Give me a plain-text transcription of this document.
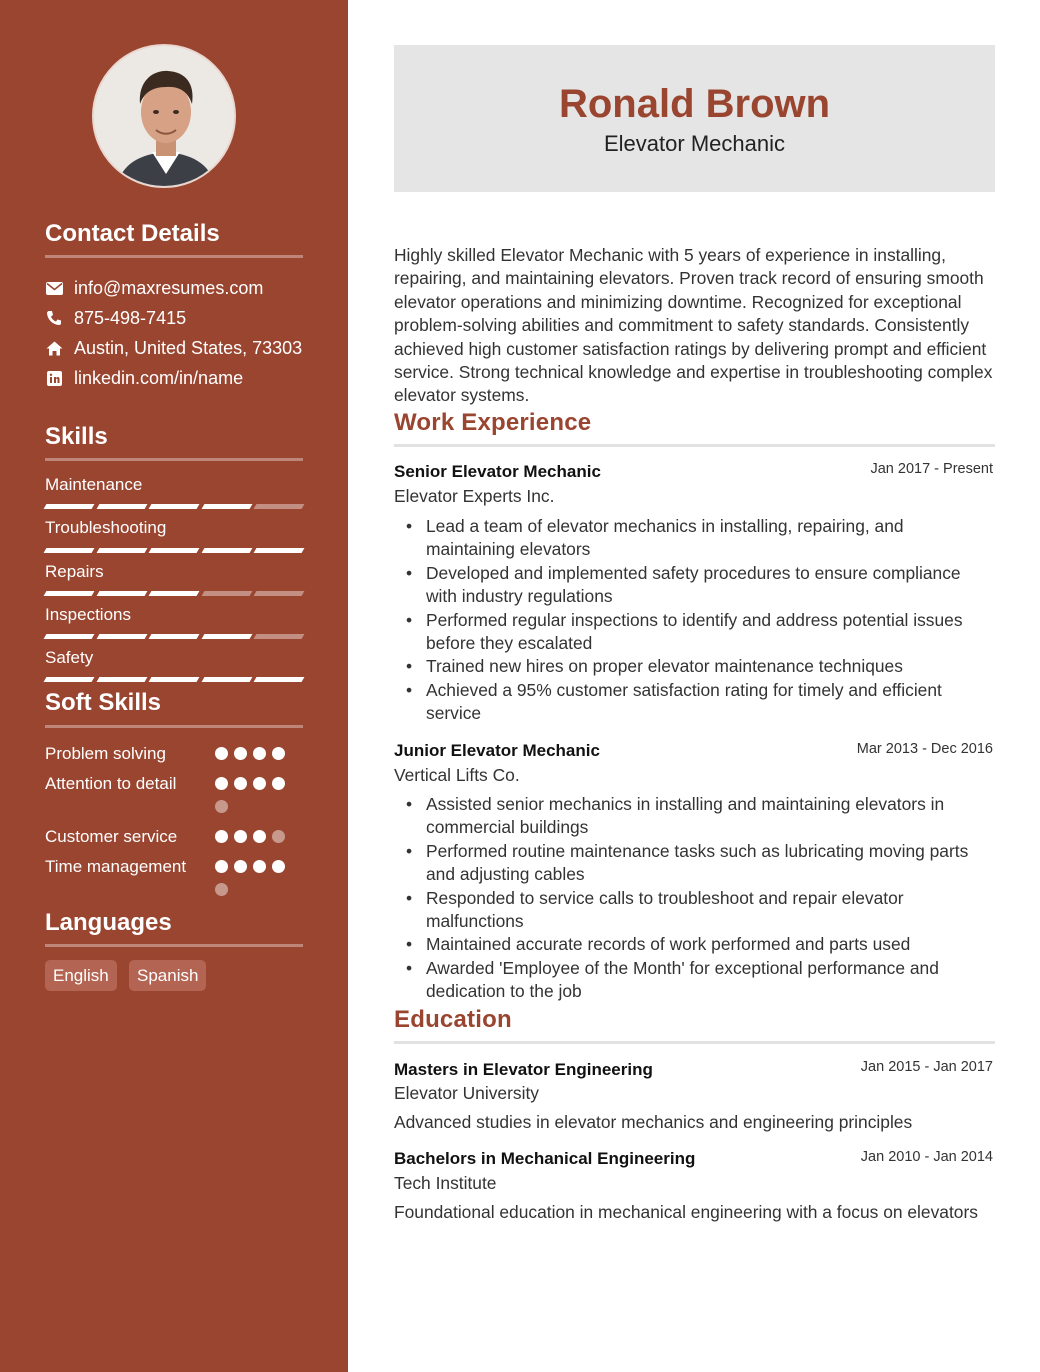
Contact Details
info@maxresumes.com
875-498-7415
Austin, United States, 73303
linkedin.com/in/name
Skills
Maintenance
Troubleshooting
Repairs
Inspections
Safety
Soft Skills
Problem solving
Attention to detail
Customer service
Time management
Languages
English	Spanish
Ronald Brown
Elevator Mechanic
Highly skilled Elevator Mechanic with 5 years of experience in installing, repairing, and maintaining elevators. Proven track record of ensuring smooth elevator operations and minimizing downtime. Recognized for exceptional problem-solving abilities and commitment to safety standards. Consistently achieved high customer satisfaction ratings by delivering prompt and efficient service. Strong technical knowledge and expertise in troubleshooting complex elevator systems.
Work Experience
Senior Elevator Mechanic	Jan 2017 - Present
Elevator Experts Inc.
• Lead a team of elevator mechanics in installing, repairing, and maintaining elevators
• Developed and implemented safety procedures to ensure compliance with industry regulations
• Performed regular inspections to identify and address potential issues before they escalated
• Trained new hires on proper elevator maintenance techniques
• Achieved a 95% customer satisfaction rating for timely and efficient service
Junior Elevator Mechanic	Mar 2013 - Dec 2016
Vertical Lifts Co.
• Assisted senior mechanics in installing and maintaining elevators in commercial buildings
• Performed routine maintenance tasks such as lubricating moving parts and adjusting cables
• Responded to service calls to troubleshoot and repair elevator malfunctions
• Maintained accurate records of work performed and parts used
• Awarded 'Employee of the Month' for exceptional performance and dedication to the job
Education
Masters in Elevator Engineering	Jan 2015 - Jan 2017
Elevator University
Advanced studies in elevator mechanics and engineering principles
Bachelors in Mechanical Engineering	Jan 2010 - Jan 2014
Tech Institute
Foundational education in mechanical engineering with a focus on elevators
